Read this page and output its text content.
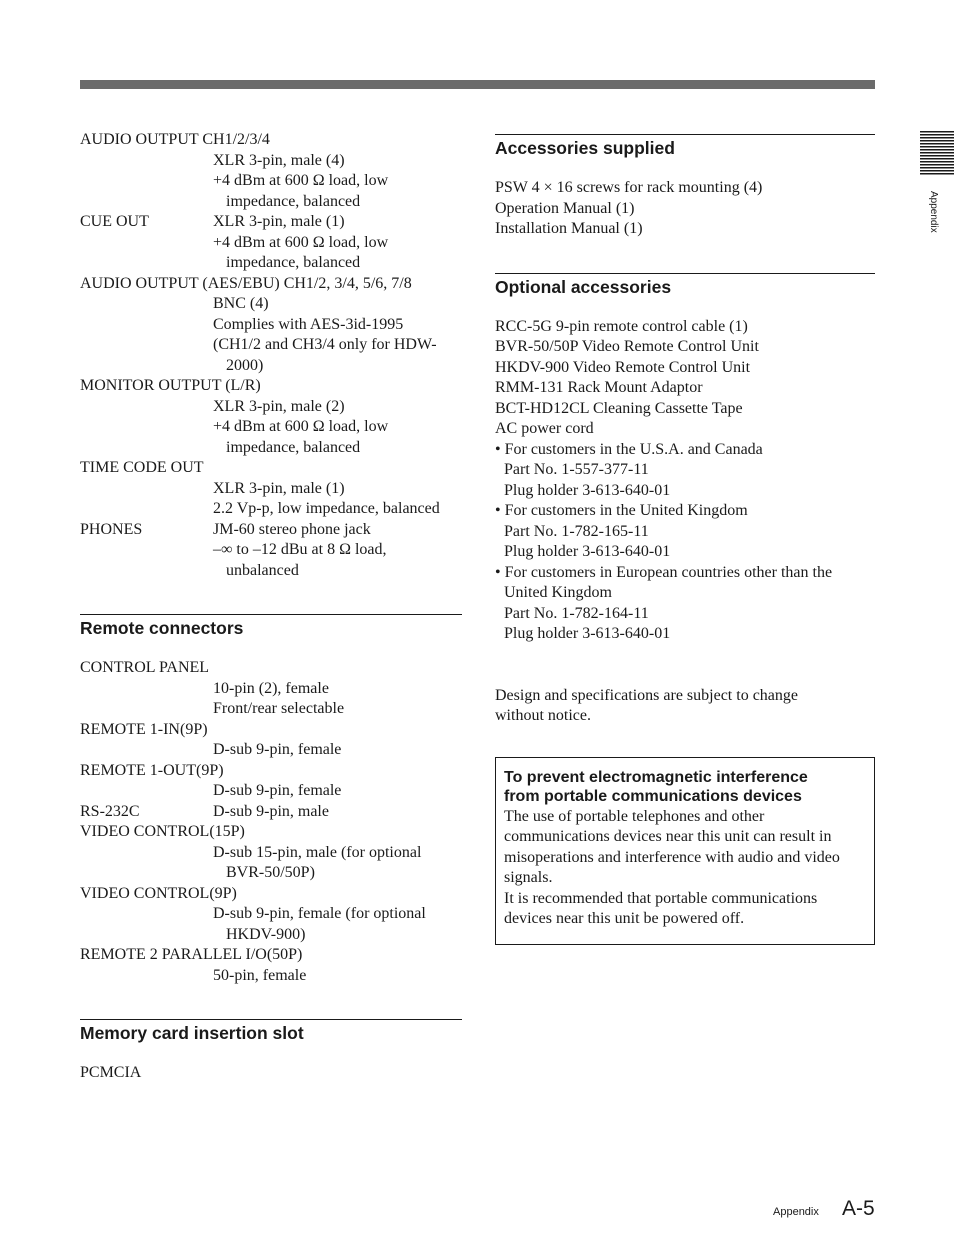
Appendix
AUDIO OUTPUT CH1/2/3/4
XLR 3-pin, male (4)
+4 dBm at 600 Ω load, low
impedance, balanced
CUE OUT	XLR 3-pin, male (1)
+4 dBm at 600 Ω load, low
impedance, balanced
AUDIO OUTPUT (AES/EBU) CH1/2, 3/4, 5/6, 7/8
BNC (4)
Complies with AES-3id-1995
(CH1/2 and CH3/4 only for HDW-
2000)
MONITOR OUTPUT (L/R)
XLR 3-pin, male (2)
+4 dBm at 600 Ω load, low
impedance, balanced
TIME CODE OUT
XLR 3-pin, male (1)
2.2 Vp-p, low impedance, balanced
PHONES	JM-60 stereo phone jack
–∞ to –12 dBu at 8 Ω load,
unbalanced
Remote connectors
CONTROL PANEL
10-pin (2), female
Front/rear selectable
REMOTE 1-IN(9P)
D-sub 9-pin, female
REMOTE 1-OUT(9P)
D-sub 9-pin, female
RS-232C	D-sub 9-pin, male
VIDEO CONTROL(15P)
D-sub 15-pin, male (for optional
BVR-50/50P)
VIDEO CONTROL(9P)
D-sub 9-pin, female (for optional
HKDV-900)
REMOTE 2 PARALLEL I/O(50P)
50-pin, female
Memory card insertion slot
PCMCIA
Accessories supplied
PSW 4 × 16 screws for rack mounting (4)
Operation Manual (1)
Installation Manual (1)
Optional accessories
RCC-5G 9-pin remote control cable (1)
BVR-50/50P Video Remote Control Unit
HKDV-900 Video Remote Control Unit
RMM-131 Rack Mount Adaptor
BCT-HD12CL Cleaning Cassette Tape
AC power cord
• For customers in the U.S.A. and Canada
Part No. 1-557-377-11
Plug holder 3-613-640-01
• For customers in the United Kingdom
Part No. 1-782-165-11
Plug holder 3-613-640-01
• For customers in European countries other than the
United Kingdom
Part No. 1-782-164-11
Plug holder 3-613-640-01
Design and specifications are subject to change
without notice.
To prevent electromagnetic interference
from portable communications devices
The use of portable telephones and other communications devices near this unit can result in misoperations and interference with audio and video signals.
It is recommended that portable communications devices near this unit be powered off.
Appendix A-5
